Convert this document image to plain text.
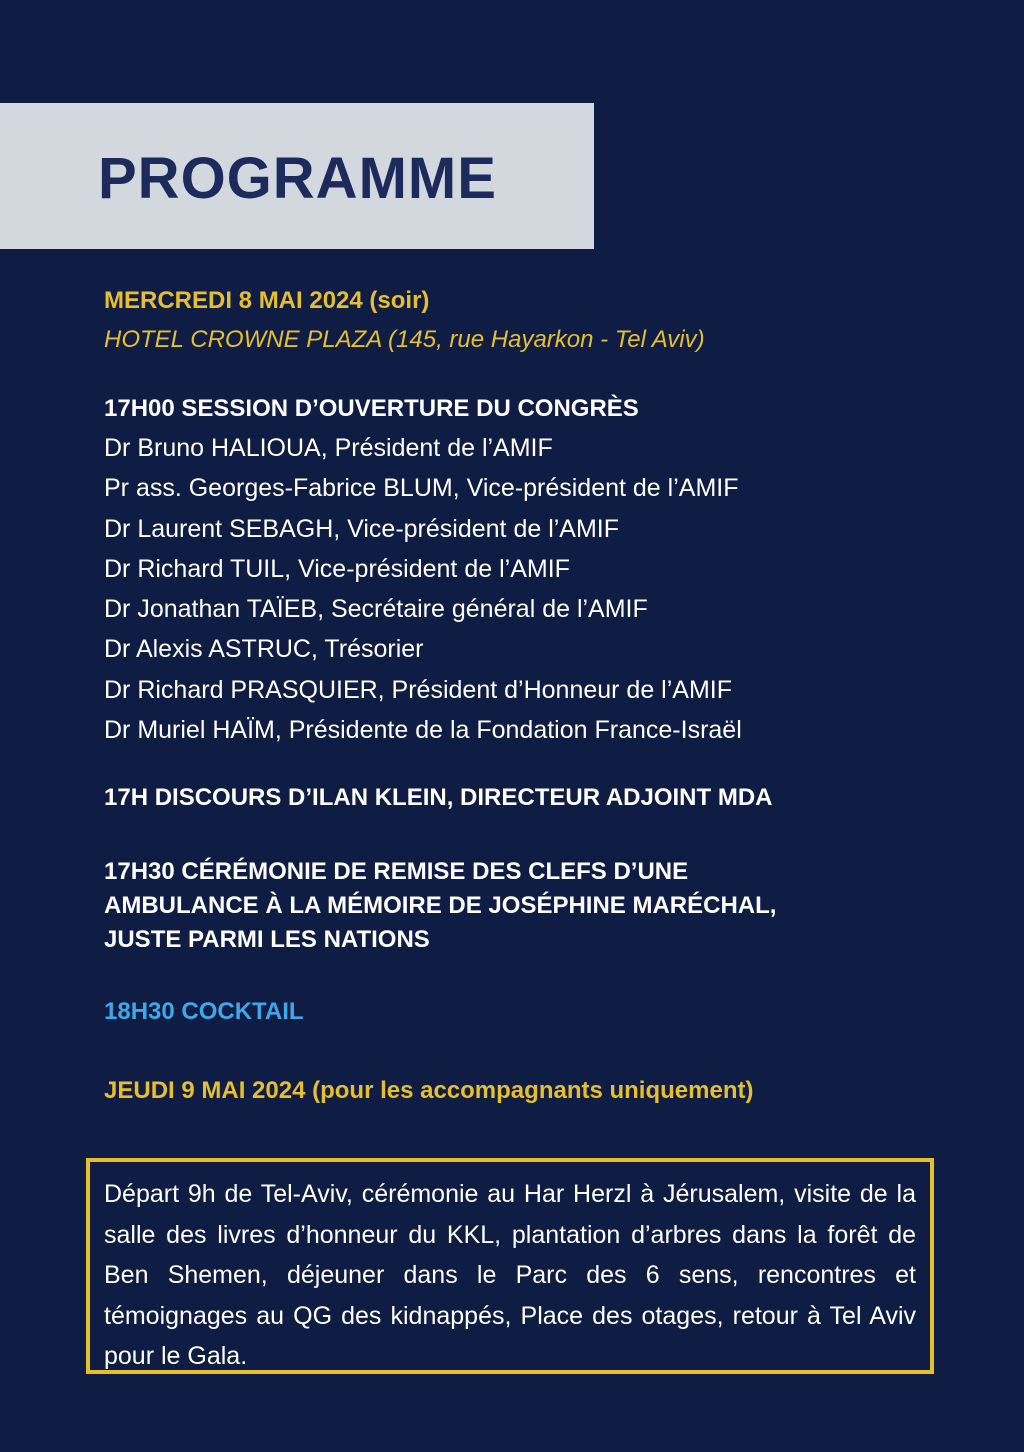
PROGRAMME
MERCREDI 8 MAI 2024 (soir)
HOTEL CROWNE PLAZA (145, rue Hayarkon - Tel Aviv)
17H00 SESSION D’OUVERTURE DU CONGRÈS
Dr Bruno HALIOUA, Président de l’AMIF
Pr ass. Georges-Fabrice BLUM, Vice-président de l’AMIF
Dr Laurent SEBAGH, Vice-président de l’AMIF
Dr Richard TUIL, Vice-président de l’AMIF
Dr Jonathan TAÏEB, Secrétaire général de l’AMIF
Dr Alexis ASTRUC, Trésorier
Dr Richard PRASQUIER, Président d’Honneur de l’AMIF
Dr Muriel HAÏM, Présidente de la Fondation France-Israël
17H DISCOURS D’ILAN KLEIN, DIRECTEUR ADJOINT MDA
17H30 CÉRÉMONIE DE REMISE DES CLEFS D’UNE
AMBULANCE À LA MÉMOIRE DE JOSÉPHINE MARÉCHAL,
JUSTE PARMI LES NATIONS
18H30 COCKTAIL
JEUDI 9 MAI 2024 (pour les accompagnants uniquement)
Départ 9h de Tel-Aviv, cérémonie au Har Herzl à Jérusalem, visite de la salle des livres d’honneur du KKL, plantation d’arbres dans la forêt de Ben Shemen, déjeuner dans le Parc des 6 sens, rencontres et témoignages au QG des kidnappés, Place des otages, retour à Tel Aviv pour le Gala.
